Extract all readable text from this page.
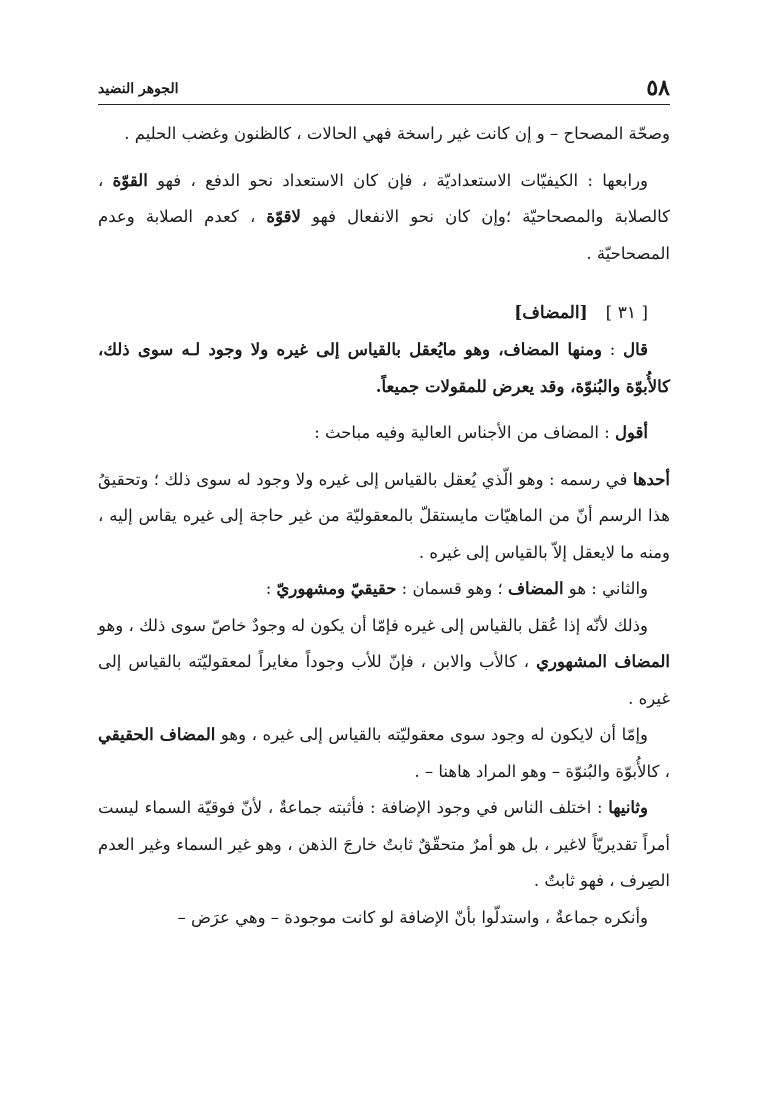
٥٨
الجوهر النضيد

وصحّة المصحاح – و إن كانت غير راسخة فهي الحالات ، كالظنون وغضب الحليم .

ورابعها : الكيفيّات الاستعداديّة ، فإن كان الاستعداد نحو الدفع ، فهو القوّة ، كالصلابة والمصحاحيّة ؛وإن كان نحو الانفعال فهو لاقوّة ، كعدم الصلابة وعدم المصحاحيّة .

[ ٣١ ][المضاف]

قال : ومنها المضاف، وهو مايُعقل بالقياس إلى غيره ولا وجود لـه سوى ذلك، كالأُبوّة والبُنوّة، وقد يعرض للمقولات جميعاً.

أقول : المضاف من الأجناس العالية وفيه مباحث :

أحدها في رسمه : وهو الّذي يُعقل بالقياس إلى غيره ولا وجود له سوى ذلك ؛ وتحقيقُ هذا الرسم أنّ من الماهيّات مايستقلّ بالمعقوليّة من غير حاجة إلى غيره يقاس إليه ، ومنه ما لايعقل إلاّ بالقياس إلى غيره .

والثاني : هو المضاف ؛ وهو قسمان : حقيقيّ ومشهوريّ :

وذلك لأنّه إذا عُقل بالقياس إلى غيره فإمّا أن يكون له وجودٌ خاصّ سوى ذلك ، وهو المضاف المشهوري ، كالأب والابن ، فإنّ للأب وجوداً مغايراً لمعقوليّته بالقياس إلى غيره .

وإمّا أن لايكون له وجود سوى معقوليّته بالقياس إلى غيره ، وهو المضاف الحقيقي ، كالأُبوّة والبُنوّة – وهو المراد هاهنا – .

وثانيها : اختلف الناس في وجود الإضافة : فأثبته جماعةٌ ، لأنّ فوقيّة السماء ليست أمراً تقديريّاً لاغير ، بل هو أمرٌ متحقّقٌ ثابتٌ خارجَ الذهن ، وهو غير السماء وغير العدم الصِرف ، فهو ثابتٌ .

وأنكره جماعةٌ ، واستدلّوا بأنّ الإضافة لو كانت موجودة – وهي عرَض –
